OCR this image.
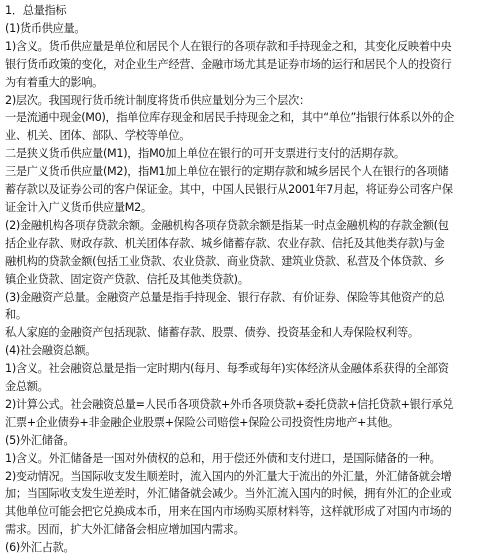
1．总量指标
(1)货币供应量。
1)含义。货币供应量是单位和居民个人在银行的各项存款和手持现金之和，其变化反映着中央
银行货币政策的变化，对企业生产经营、金融市场尤其是证券市场的运行和居民个人的投资行
为有着重大的影响。
2)层次。我国现行货币统计制度将货币供应量划分为三个层次：
一是流通中现金(M0)，指单位库存现金和居民手持现金之和，其中“单位”指银行体系以外的企
业、机关、团体、部队、学校等单位。
二是狭义货币供应量(M1)，指M0加上单位在银行的可开支票进行支付的活期存款。
三是广义货币供应量(M2)，指M1加上单位在银行的定期存款和城乡居民个人在银行的各项储
蓄存款以及证券公司的客户保证金。其中，中国人民银行从2001年7月起，将证券公司客户保
证金计入广义货币供应量M2。
(2)金融机构各项存贷款余额。金融机构各项存贷款余额是指某一时点金融机构的存款金额(包
括企业存款、财政存款、机关团体存款、城乡储蓄存款、农业存款、信托及其他类存款)与金
融机构的贷款金额(包括工业贷款、农业贷款、商业贷款、建筑业贷款、私营及个体贷款、乡
镇企业贷款、固定资产贷款、信托及其他类贷款)。
(3)金融资产总量。金融资产总量是指手持现金、银行存款、有价证券、保险等其他资产的总
和。
私人家庭的金融资产包括现款、储蓄存款、股票、债券、投资基金和人寿保险权利等。
(4)社会融资总额。
1)含义。社会融资总量是指一定时期内(每月、每季或每年)实体经济从金融体系获得的全部资
金总额。
2)计算公式。社会融资总量=人民币各项贷款+外币各项贷款+委托贷款+信托贷款+银行承兑
汇票+企业债券+非金融企业股票+保险公司赔偿+保险公司投资性房地产+其他。
(5)外汇储备。
1)含义。外汇储备是一国对外债权的总和，用于偿还外债和支付进口，是国际储备的一种。
2)变动情况。当国际收支发生顺差时，流入国内的外汇量大于流出的外汇量，外汇储备就会增
加；当国际收支发生逆差时，外汇储备就会减少。当外汇流入国内的时候，拥有外汇的企业或
其他单位可能会把它兑换成本币，用来在国内市场购买原材料等，这样就形成了对国内市场的
需求。因而，扩大外汇储备会相应增加国内需求。
(6)外汇占款。
